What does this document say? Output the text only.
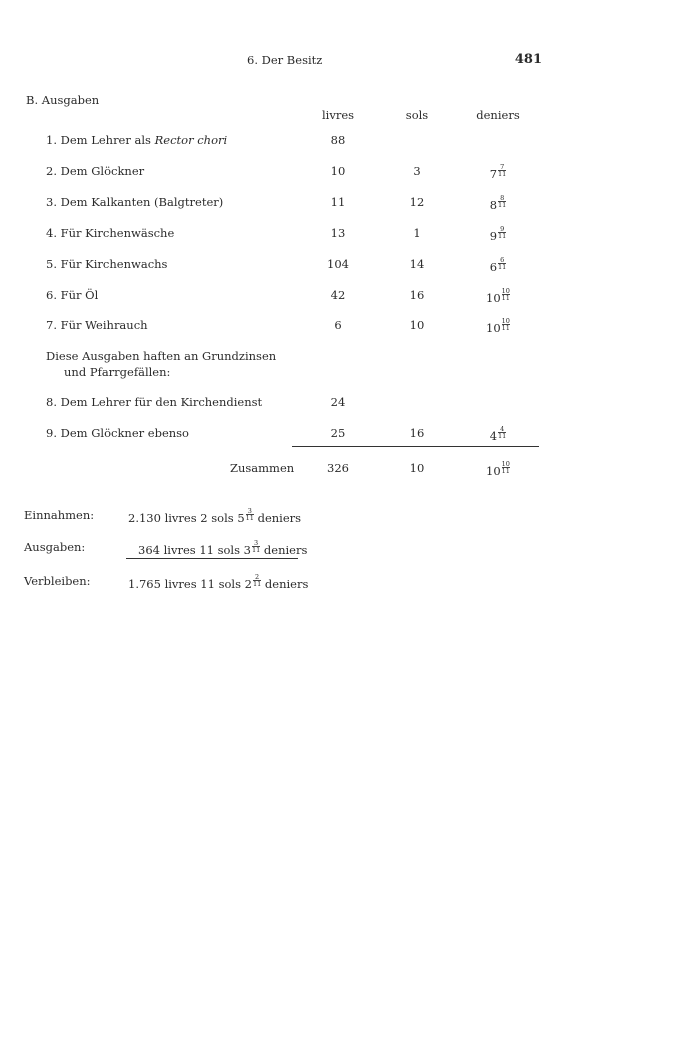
6. Der Besitz	481
B. Ausgaben
livres	sols	deniers
1. Dem Lehrer als Rector chori	88
2. Dem Glöckner	10	3	$7 \frac{7}{11}$
3. Dem Kalkanten (Balgtreter)	11	12	$8 \frac{8}{11}$
4. Für Kirchenwäsche	13	1	$9 \frac{9}{11}$
5. Für Kirchenwachs	104	14	$6 \frac{6}{11}$
6. Für Öl	42	16	$10 \frac{10}{11}$
7. Für Weihrauch	6	10	$10 \frac{10}{11}$
Diese Ausgaben haften an Grundzinsen
und Pfarrgefällen:
8. Dem Lehrer für den Kirchendienst	24
9. Dem Glöckner ebenso	25	16	$4 \frac{4}{11}$
Zusammen	326	10	$10 \frac{10}{11}$
Einnahmen:	2.130 livres 2 sols $5 \frac{3}{11}$ deniers
Ausgaben:	364 livres 11 sols $3 \frac{3}{11}$ deniers
Verbleiben:	1.765 livres 11 sols $2 \frac{2}{11}$ deniers
